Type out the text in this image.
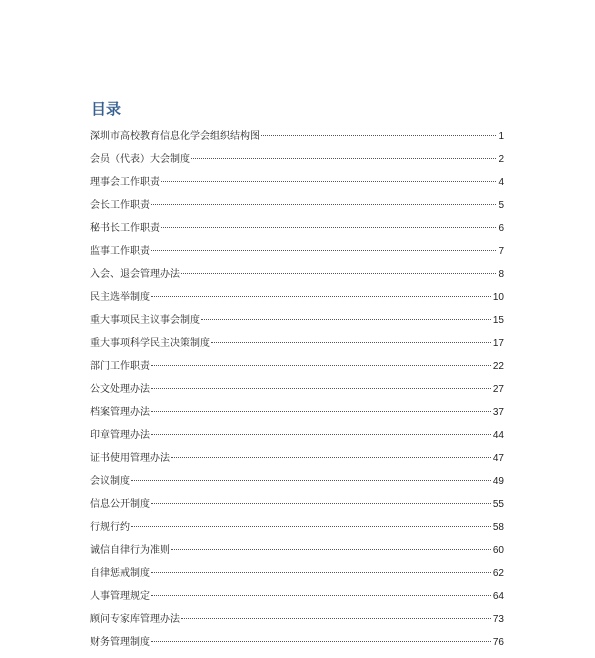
目录
深圳市高校教育信息化学会组织结构图	1
会员（代表）大会制度	2
理事会工作职责	4
会长工作职责	5
秘书长工作职责	6
监事工作职责	7
入会、退会管理办法	8
民主选举制度	10
重大事项民主议事会制度	15
重大事项科学民主决策制度	17
部门工作职责	22
公文处理办法	27
档案管理办法	37
印章管理办法	44
证书使用管理办法	47
会议制度	49
信息公开制度	55
行规行约	58
诚信自律行为准则	60
自律惩戒制度	62
人事管理规定	64
顾问专家库管理办法	73
财务管理制度	76
